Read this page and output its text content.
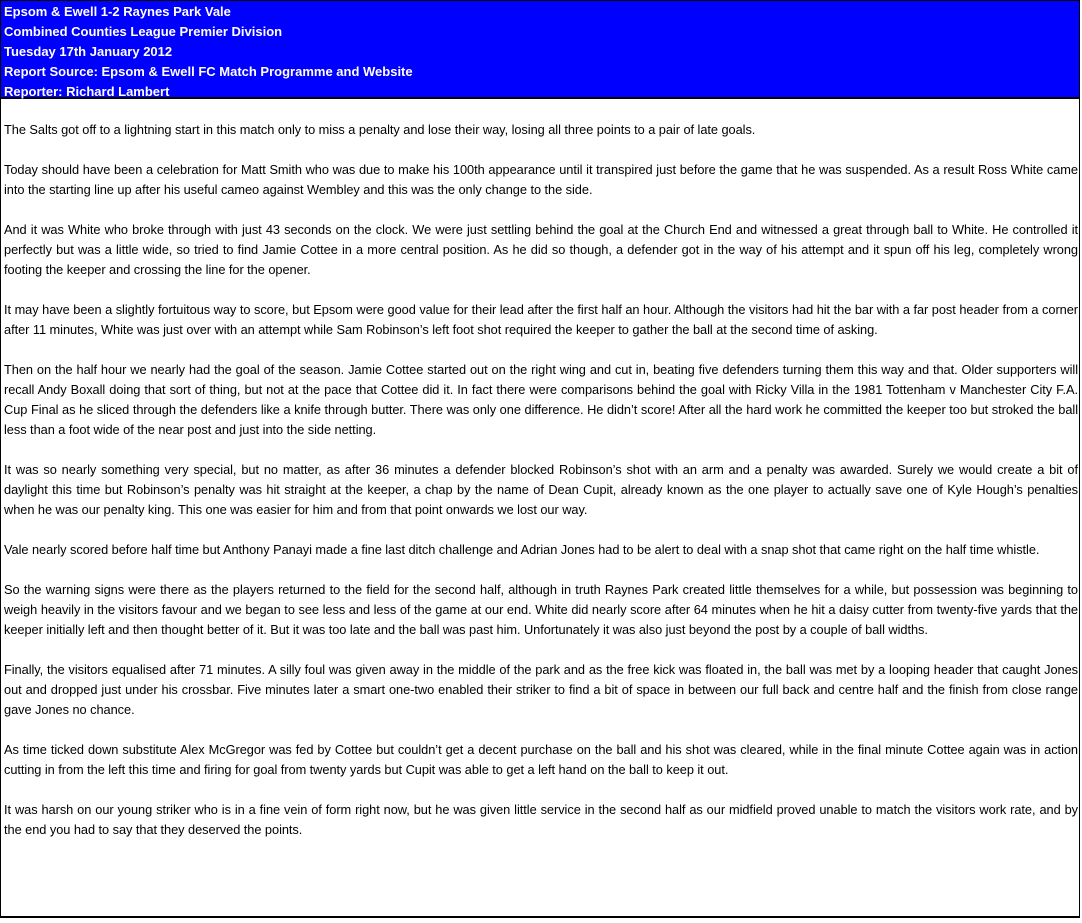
Epsom & Ewell 1-2 Raynes Park Vale
Combined Counties League Premier Division
Tuesday 17th January 2012
Report Source: Epsom & Ewell FC Match Programme and Website
Reporter: Richard Lambert

The Salts got off to a lightning start in this match only to miss a penalty and lose their way, losing all three points to a pair of late goals.

Today should have been a celebration for Matt Smith who was due to make his 100th appearance until it transpired just before the game that he was suspended. As a result Ross White came into the starting line up after his useful cameo against Wembley and this was the only change to the side.

And it was White who broke through with just 43 seconds on the clock. We were just settling behind the goal at the Church End and witnessed a great through ball to White. He controlled it perfectly but was a little wide, so tried to find Jamie Cottee in a more central position. As he did so though, a defender got in the way of his attempt and it spun off his leg, completely wrong footing the keeper and crossing the line for the opener.

It may have been a slightly fortuitous way to score, but Epsom were good value for their lead after the first half an hour. Although the visitors had hit the bar with a far post header from a corner after 11 minutes, White was just over with an attempt while Sam Robinson’s left foot shot required the keeper to gather the ball at the second time of asking.

Then on the half hour we nearly had the goal of the season. Jamie Cottee started out on the right wing and cut in, beating five defenders turning them this way and that. Older supporters will recall Andy Boxall doing that sort of thing, but not at the pace that Cottee did it. In fact there were comparisons behind the goal with Ricky Villa in the 1981 Tottenham v Manchester City F.A. Cup Final as he sliced through the defenders like a knife through butter. There was only one difference. He didn’t score! After all the hard work he committed the keeper too but stroked the ball less than a foot wide of the near post and just into the side netting.

It was so nearly something very special, but no matter, as after 36 minutes a defender blocked Robinson’s shot with an arm and a penalty was awarded. Surely we would create a bit of daylight this time but Robinson’s penalty was hit straight at the keeper, a chap by the name of Dean Cupit, already known as the one player to actually save one of Kyle Hough’s penalties when he was our penalty king. This one was easier for him and from that point onwards we lost our way.

Vale nearly scored before half time but Anthony Panayi made a fine last ditch challenge and Adrian Jones had to be alert to deal with a snap shot that came right on the half time whistle.

So the warning signs were there as the players returned to the field for the second half, although in truth Raynes Park created little themselves for a while, but possession was beginning to weigh heavily in the visitors favour and we began to see less and less of the game at our end. White did nearly score after 64 minutes when he hit a daisy cutter from twenty-five yards that the keeper initially left and then thought better of it. But it was too late and the ball was past him. Unfortunately it was also just beyond the post by a couple of ball widths.

Finally, the visitors equalised after 71 minutes. A silly foul was given away in the middle of the park and as the free kick was floated in, the ball was met by a looping header that caught Jones out and dropped just under his crossbar. Five minutes later a smart one-two enabled their striker to find a bit of space in between our full back and centre half and the finish from close range gave Jones no chance.

As time ticked down substitute Alex McGregor was fed by Cottee but couldn’t get a decent purchase on the ball and his shot was cleared, while in the final minute Cottee again was in action cutting in from the left this time and firing for goal from twenty yards but Cupit was able to get a left hand on the ball to keep it out.

It was harsh on our young striker who is in a fine vein of form right now, but he was given little service in the second half as our midfield proved unable to match the visitors work rate, and by the end you had to say that they deserved the points.
